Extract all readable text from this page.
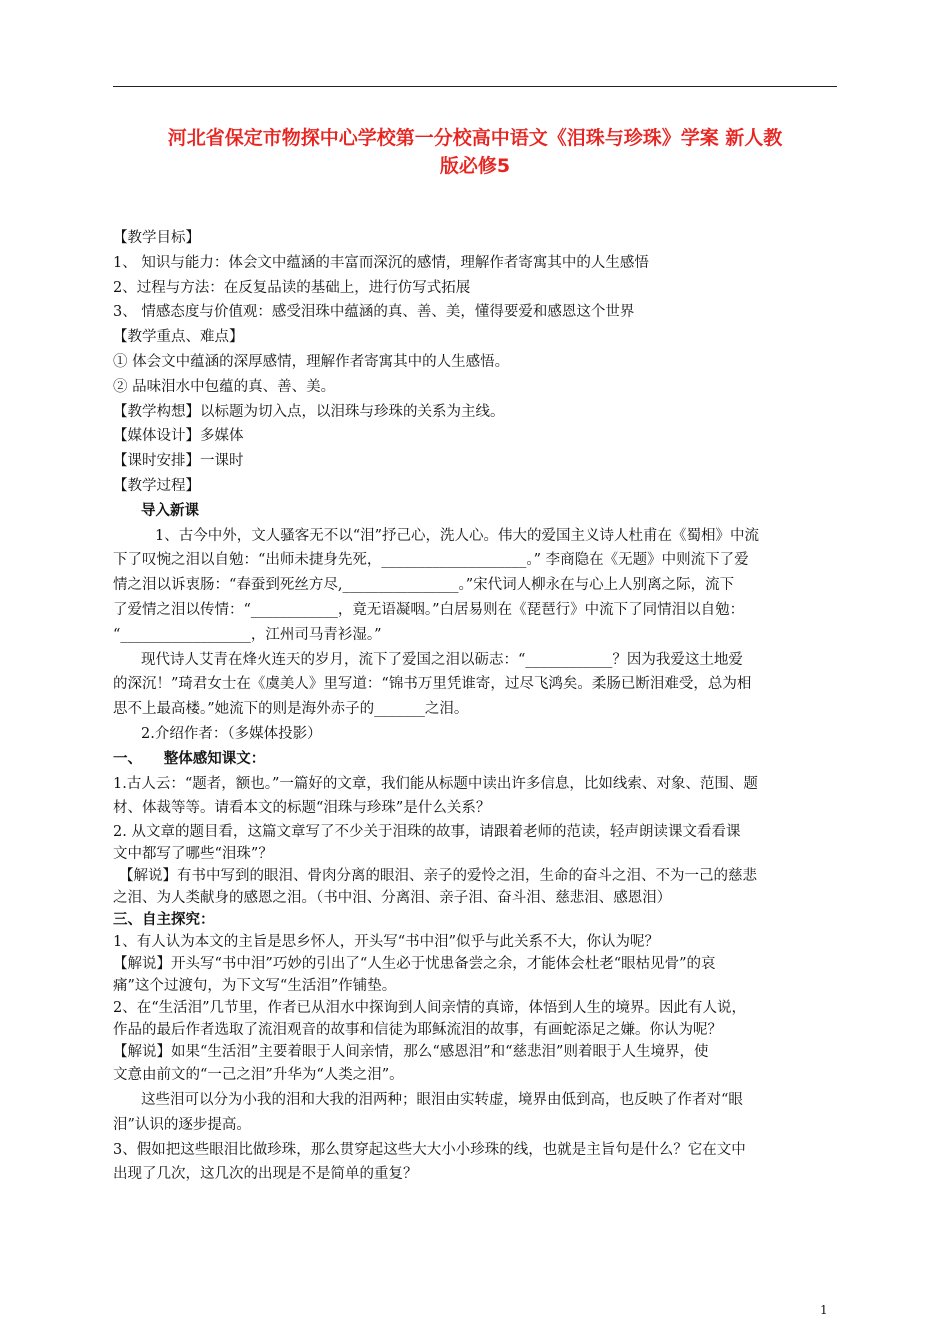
河北省保定市物探中心学校第一分校高中语文《泪珠与珍珠》学案 新人教
版必修5

【教学目标】

1、 知识与能力：体会文中蕴涵的丰富而深沉的感情，理解作者寄寓其中的人生感悟

2、过程与方法：在反复品读的基础上，进行仿写式拓展

3、 情感态度与价值观：感受泪珠中蕴涵的真、善、美，懂得要爱和感恩这个世界

【教学重点、难点】

① 体会文中蕴涵的深厚感情，理解作者寄寓其中的人生感悟。

② 品味泪水中包蕴的真、善、美。

【教学构想】以标题为切入点，以泪珠与珍珠的关系为主线。

【媒体设计】多媒体

【课时安排】一课时

【教学过程】

导入新课

1、古今中外，文人骚客无不以“泪”抒己心，洗人心。伟大的爱国主义诗人杜甫在《蜀相》中流

下了叹惋之泪以自勉：“出师未捷身先死，____________________。” 李商隐在《无题》中则流下了爱

情之泪以诉衷肠：“春蚕到死丝方尽,________________。”宋代词人柳永在与心上人别离之际，流下

了爱情之泪以传情：“____________，竟无语凝咽。”白居易则在《琵琶行》中流下了同情泪以自勉：

“__________________，江州司马青衫湿。”

现代诗人艾青在烽火连天的岁月，流下了爱国之泪以砺志：“____________？因为我爱这土地爱

的深沉！”琦君女士在《虞美人》里写道：“锦书万里凭谁寄，过尽飞鸿矣。柔肠已断泪难受，总为相

思不上最高楼。”她流下的则是海外赤子的_______之泪。

2.介绍作者：（多媒体投影）

一、　　整体感知课文：

1.古人云：“题者，额也。”一篇好的文章，我们能从标题中读出许多信息，比如线索、对象、范围、题

材、体裁等等。请看本文的标题“泪珠与珍珠”是什么关系？

2. 从文章的题目看，这篇文章写了不少关于泪珠的故事，请跟着老师的范读，轻声朗读课文看看课

文中都写了哪些“泪珠”？

【解说】有书中写到的眼泪、骨肉分离的眼泪、亲子的爱怜之泪，生命的奋斗之泪、不为一己的慈悲

之泪、为人类献身的感恩之泪。（书中泪、分离泪、亲子泪、奋斗泪、慈悲泪、感恩泪）

三、自主探究：

1、有人认为本文的主旨是思乡怀人，开头写“书中泪”似乎与此关系不大，你认为呢？

【解说】开头写“书中泪”巧妙的引出了“人生必于忧患备尝之余，才能体会杜老“眼枯见骨”的哀

痛”这个过渡句，为下文写“生活泪”作铺垫。

2、在“生活泪”几节里，作者已从泪水中探询到人间亲情的真谛，体悟到人生的境界。因此有人说，

作品的最后作者选取了流泪观音的故事和信徒为耶稣流泪的故事，有画蛇添足之嫌。你认为呢？

【解说】如果“生活泪”主要着眼于人间亲情，那么“感恩泪”和“慈悲泪”则着眼于人生境界，使

文意由前文的“一己之泪”升华为“人类之泪”。

这些泪可以分为小我的泪和大我的泪两种；眼泪由实转虚，境界由低到高，也反映了作者对“眼

泪”认识的逐步提高。

3、假如把这些眼泪比做珍珠，那么贯穿起这些大大小小珍珠的线，也就是主旨句是什么？它在文中

出现了几次，这几次的出现是不是简单的重复？

1
